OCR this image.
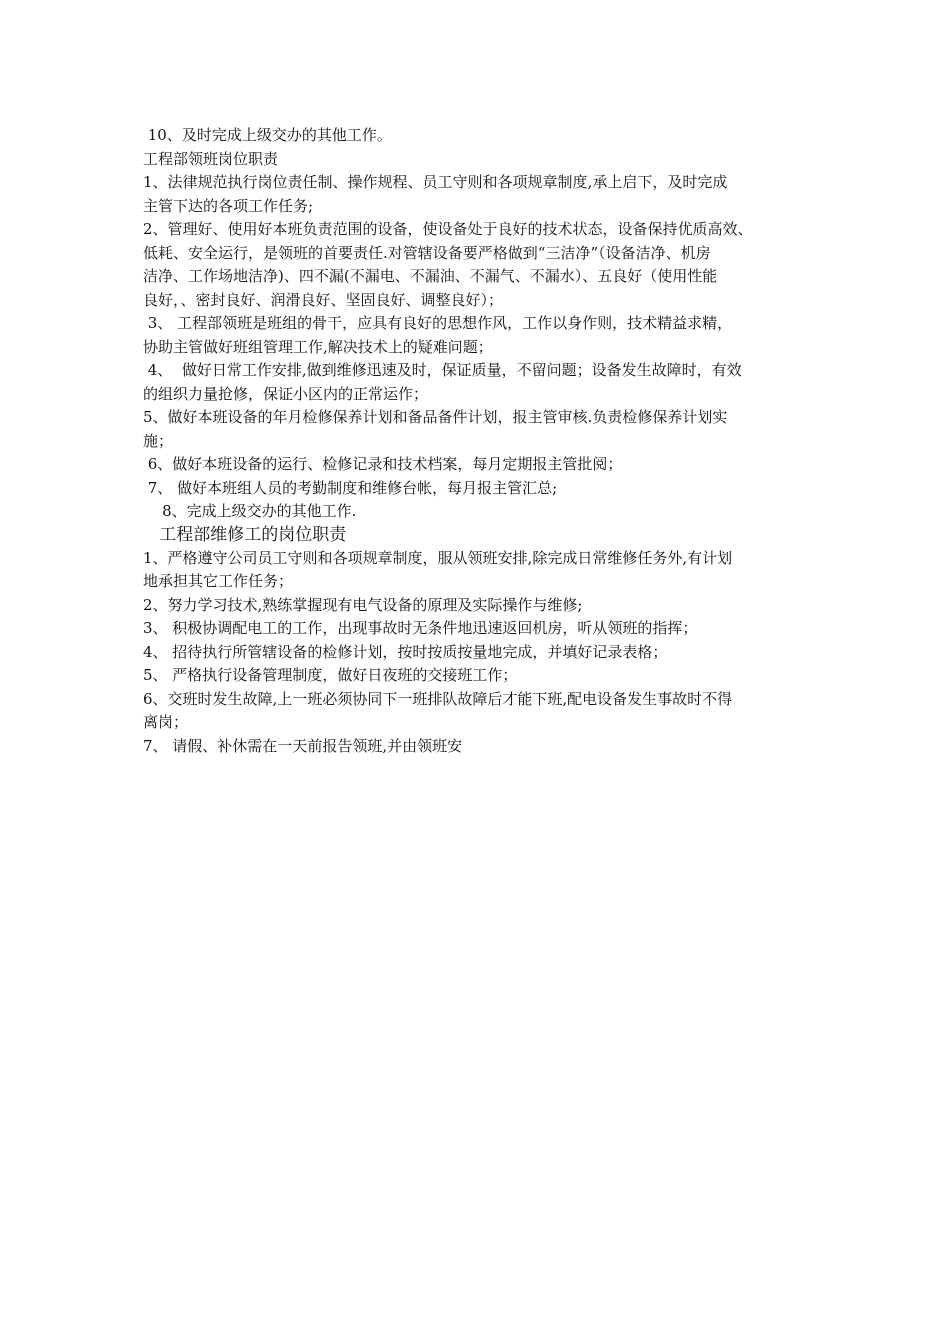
10、及时完成上级交办的其他工作。
工程部领班岗位职责
1、法律规范执行岗位责任制、操作规程、员工守则和各项规章制度,承上启下，及时完成
主管下达的各项工作任务;
2、管理好、使用好本班负责范围的设备，使设备处于良好的技术状态，设备保持优质高效、
低耗、安全运行，是领班的首要责任.对管辖设备要严格做到“三洁净”（设备洁净、机房
洁净、工作场地洁净)、四不漏(不漏电、不漏油、不漏气、不漏水）、五良好（使用性能
良好，、密封良好、润滑良好、坚固良好、调整良好）；
3、 工程部领班是班组的骨干，应具有良好的思想作风，工作以身作则，技术精益求精，
协助主管做好班组管理工作,解决技术上的疑难问题；
4、  做好日常工作安排,做到维修迅速及时，保证质量，不留问题；设备发生故障时，有效
的组织力量抢修，保证小区内的正常运作；
5、做好本班设备的年月检修保养计划和备品备件计划，报主管审核.负责检修保养计划实
施；
6、做好本班设备的运行、检修记录和技术档案，每月定期报主管批阅；
7、 做好本班组人员的考勤制度和维修台帐，每月报主管汇总;
8、完成上级交办的其他工作.
工程部维修工的岗位职责
1、严格遵守公司员工守则和各项规章制度，服从领班安排,除完成日常维修任务外,有计划
地承担其它工作任务；
2、努力学习技术,熟练掌握现有电气设备的原理及实际操作与维修;
3、 积极协调配电工的工作，出现事故时无条件地迅速返回机房，听从领班的指挥；
4、 招待执行所管辖设备的检修计划，按时按质按量地完成，并填好记录表格；
5、 严格执行设备管理制度，做好日夜班的交接班工作；
6、交班时发生故障,上一班必须协同下一班排队故障后才能下班,配电设备发生事故时不得
离岗；
7、 请假、补休需在一天前报告领班,并由领班安
